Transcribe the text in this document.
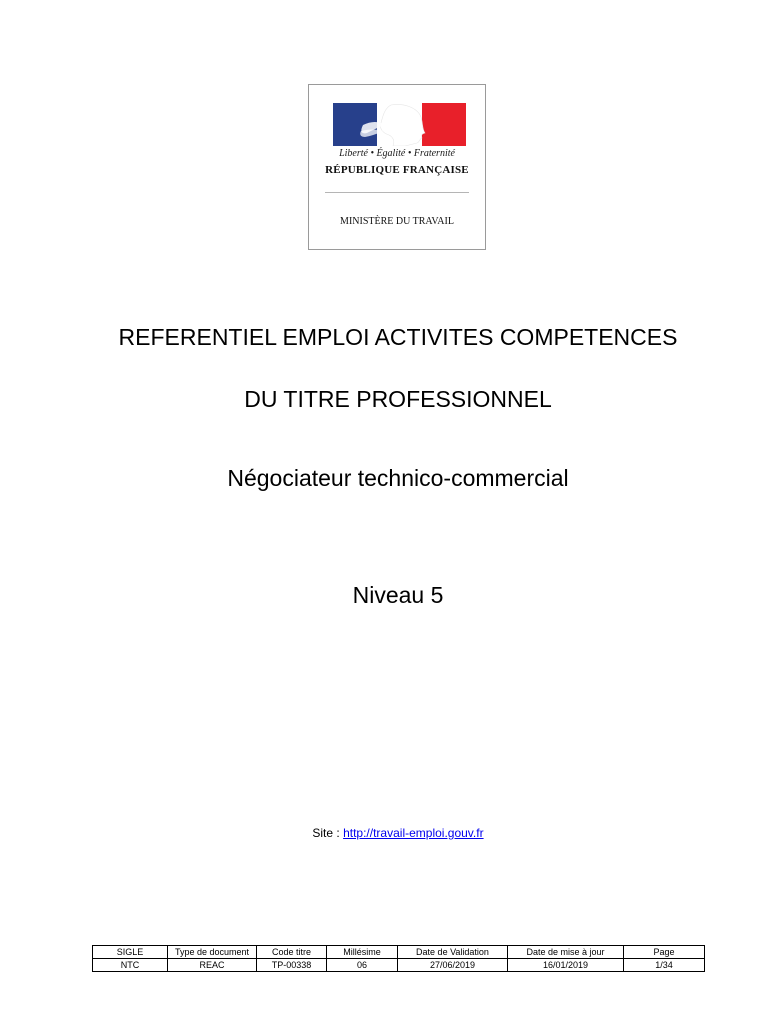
Liberté • Égalité • Fraternité
RÉPUBLIQUE FRANÇAISE
MINISTÈRE DU TRAVAIL
REFERENTIEL EMPLOI ACTIVITES COMPETENCES
DU TITRE PROFESSIONNEL
Négociateur technico-commercial
Niveau 5
Site : http://travail-emploi.gouv.fr
SIGLE	Type de document	Code titre	Millésime	Date de Validation	Date de mise à jour	Page
NTC	REAC	TP-00338	06	27/06/2019	16/01/2019	1/34
